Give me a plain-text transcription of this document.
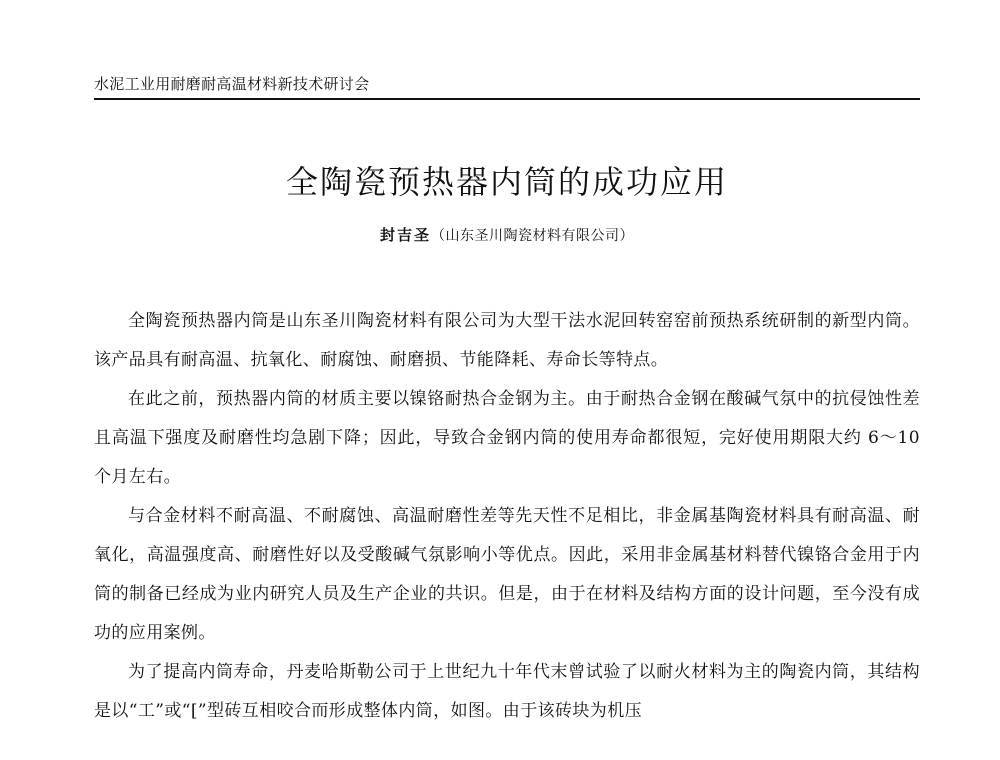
水泥工业用耐磨耐高温材料新技术研讨会
全陶瓷预热器内筒的成功应用
封吉圣（山东圣川陶瓷材料有限公司）

全陶瓷预热器内筒是山东圣川陶瓷材料有限公司为大型干法水泥回转窑窑前预热系统研制的新型内筒。该产品具有耐高温、抗氧化、耐腐蚀、耐磨损、节能降耗、寿命长等特点。

在此之前，预热器内筒的材质主要以镍铬耐热合金钢为主。由于耐热合金钢在酸碱气氛中的抗侵蚀性差且高温下强度及耐磨性均急剧下降；因此，导致合金钢内筒的使用寿命都很短，完好使用期限大约 6～10 个月左右。

与合金材料不耐高温、不耐腐蚀、高温耐磨性差等先天性不足相比，非金属基陶瓷材料具有耐高温、耐氧化，高温强度高、耐磨性好以及受酸碱气氛影响小等优点。因此，采用非金属基材料替代镍铬合金用于内筒的制备已经成为业内研究人员及生产企业的共识。但是，由于在材料及结构方面的设计问题，至今没有成功的应用案例。

为了提高内筒寿命，丹麦哈斯勒公司于上世纪九十年代末曾试验了以耐火材料为主的陶瓷内筒，其结构是以“工”或“[”型砖互相咬合而形成整体内筒，如图。由于该砖块为机压
